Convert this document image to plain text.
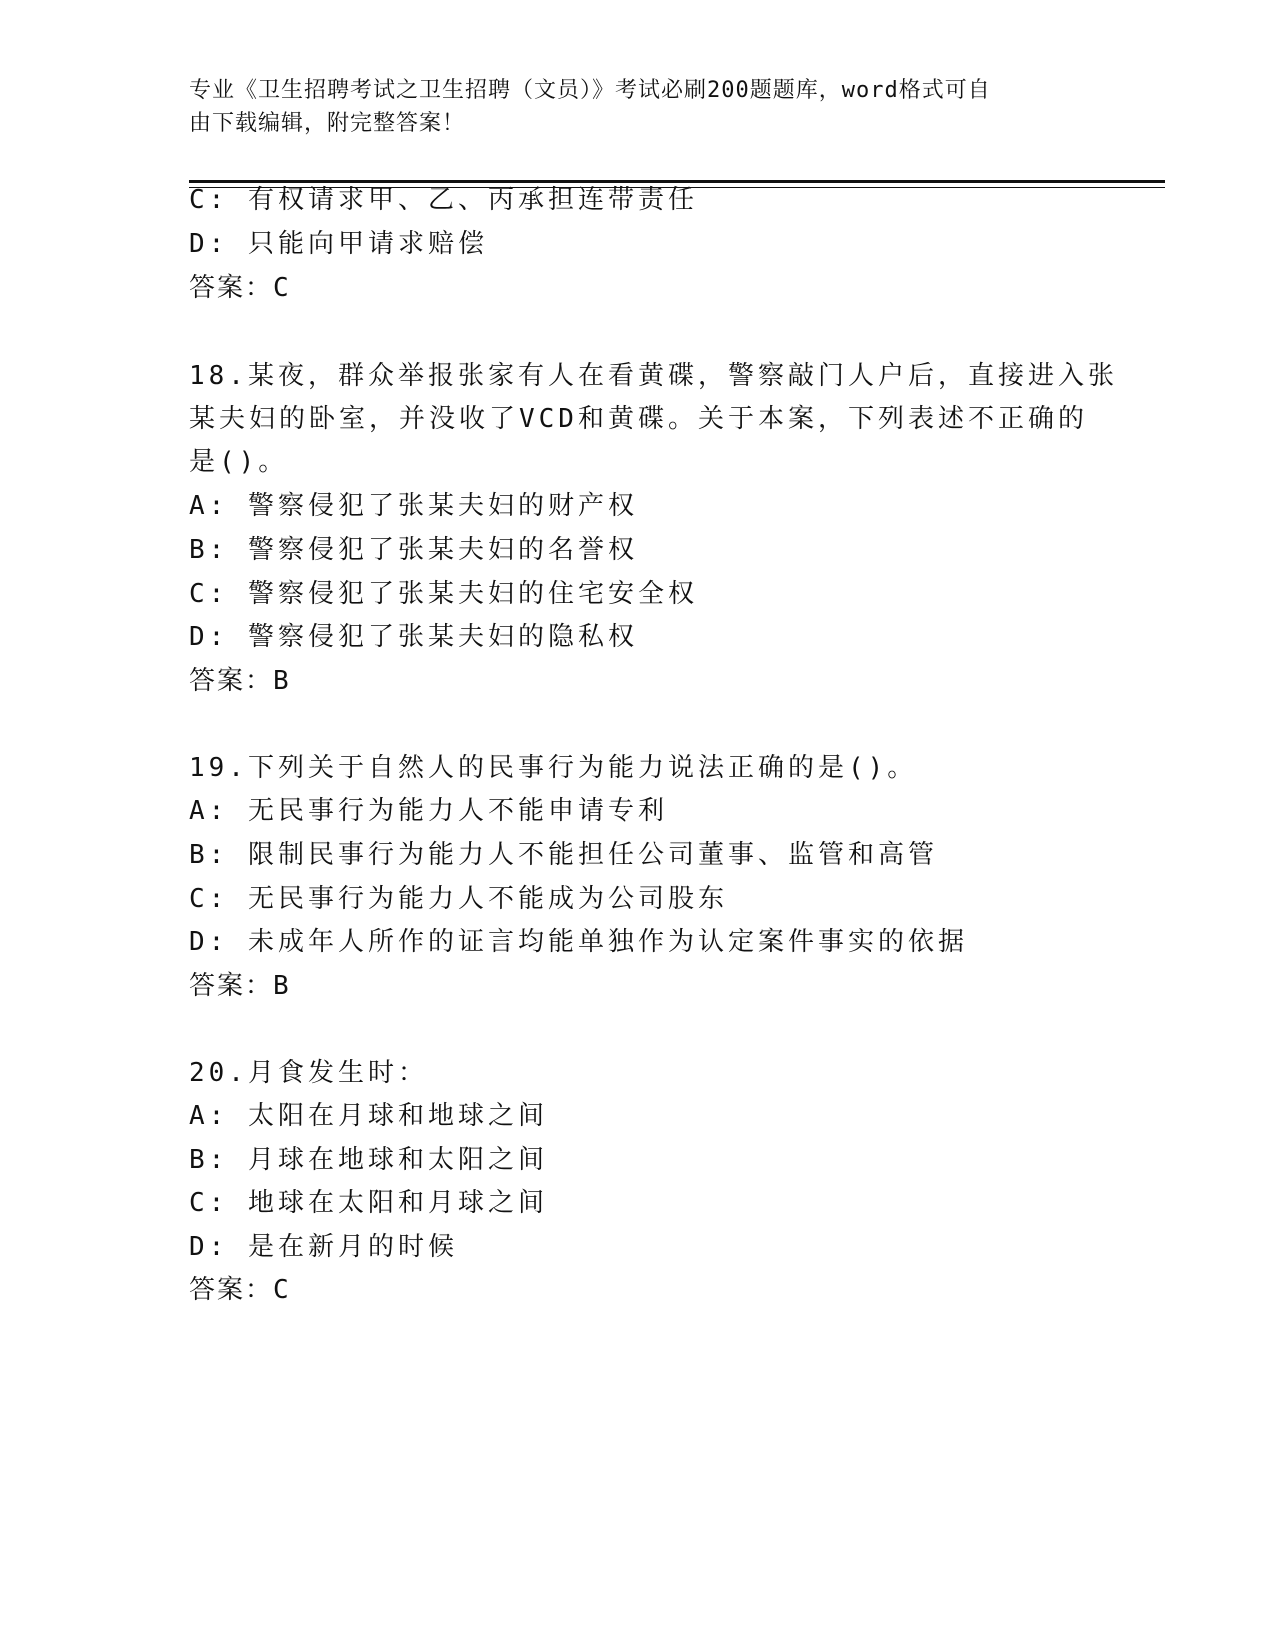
专业《卫生招聘考试之卫生招聘（文员）》考试必刷200题题库，word格式可自
由下载编辑，附完整答案！
C: 有权请求甲、乙、丙承担连带责任
D: 只能向甲请求赔偿
答案：C
18.某夜，群众举报张家有人在看黄碟，警察敲门人户后，直接进入张
某夫妇的卧室，并没收了VCD和黄碟。关于本案，下列表述不正确的
是()。
A: 警察侵犯了张某夫妇的财产权
B: 警察侵犯了张某夫妇的名誉权
C: 警察侵犯了张某夫妇的住宅安全权
D: 警察侵犯了张某夫妇的隐私权
答案：B
19.下列关于自然人的民事行为能力说法正确的是()。
A: 无民事行为能力人不能申请专利
B: 限制民事行为能力人不能担任公司董事、监管和高管
C: 无民事行为能力人不能成为公司股东
D: 未成年人所作的证言均能单独作为认定案件事实的依据
答案：B
20.月食发生时：
A: 太阳在月球和地球之间
B: 月球在地球和太阳之间
C: 地球在太阳和月球之间
D: 是在新月的时候
答案：C
